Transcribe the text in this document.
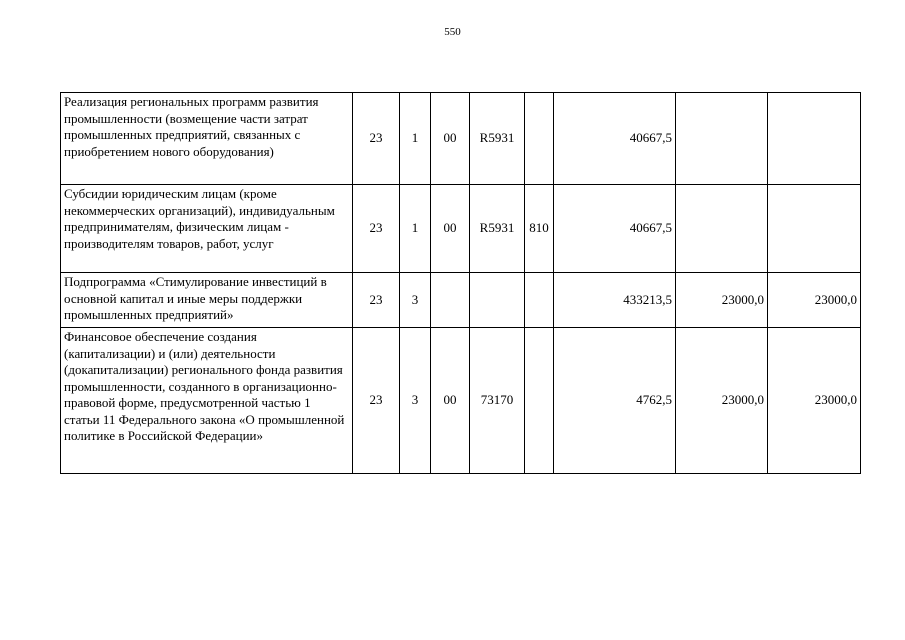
550
Реализация региональных программ развития промышленности (возмещение части затрат промышленных предприятий, связанных с приобретением нового оборудования)	23	1	00	R5931		40667,5		
Субсидии юридическим лицам (кроме некоммерческих организаций), индивидуальным предпринимателям, физическим лицам - производителям товаров, работ, услуг	23	1	00	R5931	810	40667,5		
Подпрограмма «Стимулирование инвестиций в основной капитал и иные меры поддержки промышленных предприятий»	23	3				433213,5	23000,0	23000,0
Финансовое обеспечение создания (капитализации) и (или) деятельности (докапитализации) регионального фонда развития промышленности, созданного в организационно-правовой форме, предусмотренной частью 1 статьи 11 Федерального закона «О промышленной политике в Российской Федерации»	23	3	00	73170		4762,5	23000,0	23000,0
